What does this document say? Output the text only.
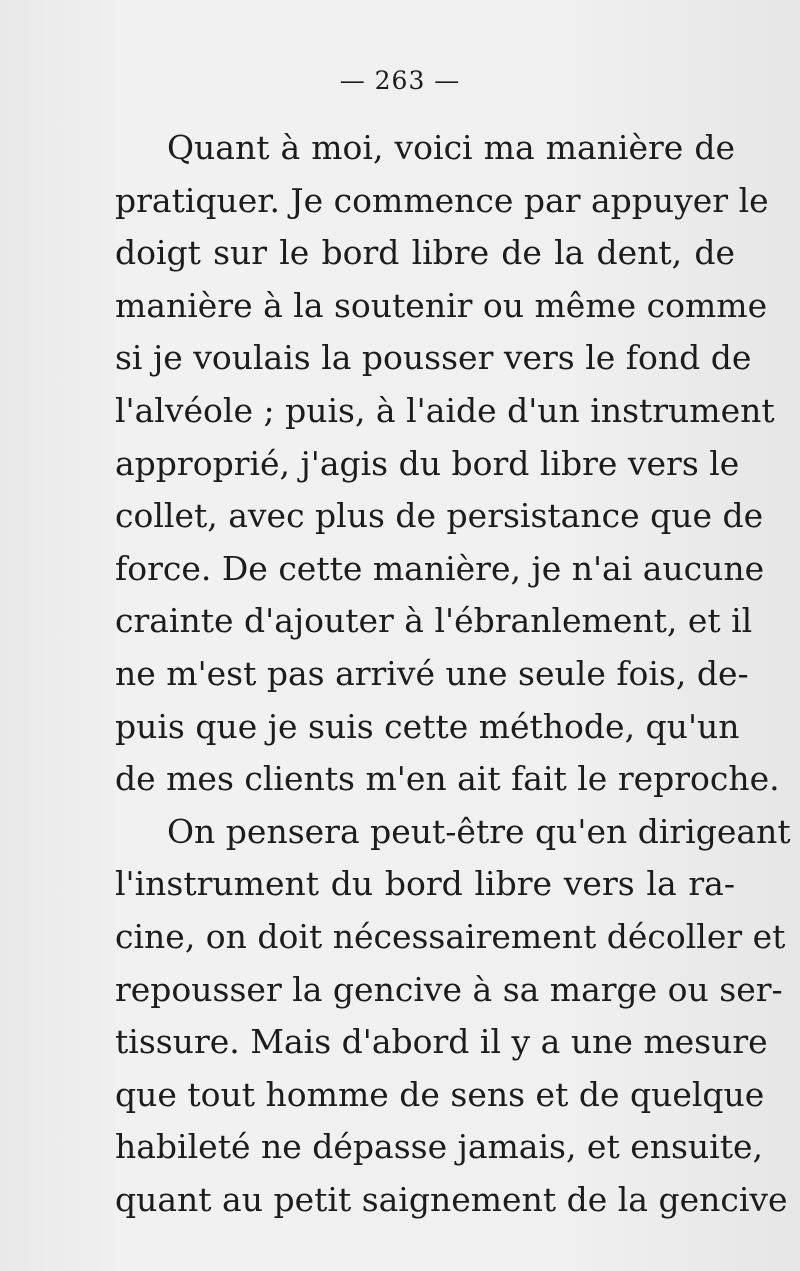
— 263 —
Quant à moi, voici ma manière de
pratiquer. Je commence par appuyer le
doigt sur le bord libre de la dent, de
manière à la soutenir ou même comme
si je voulais la pousser vers le fond de
l'alvéole ; puis, à l'aide d'un instrument
approprié, j'agis du bord libre vers le
collet, avec plus de persistance que de
force. De cette manière, je n'ai aucune
crainte d'ajouter à l'ébranlement, et il
ne m'est pas arrivé une seule fois, de-
puis que je suis cette méthode, qu'un
de mes clients m'en ait fait le reproche.
On pensera peut-être qu'en dirigeant
l'instrument du bord libre vers la ra-
cine, on doit nécessairement décoller et
repousser la gencive à sa marge ou ser-
tissure. Mais d'abord il y a une mesure
que tout homme de sens et de quelque
habileté ne dépasse jamais, et ensuite,
quant au petit saignement de la gencive
